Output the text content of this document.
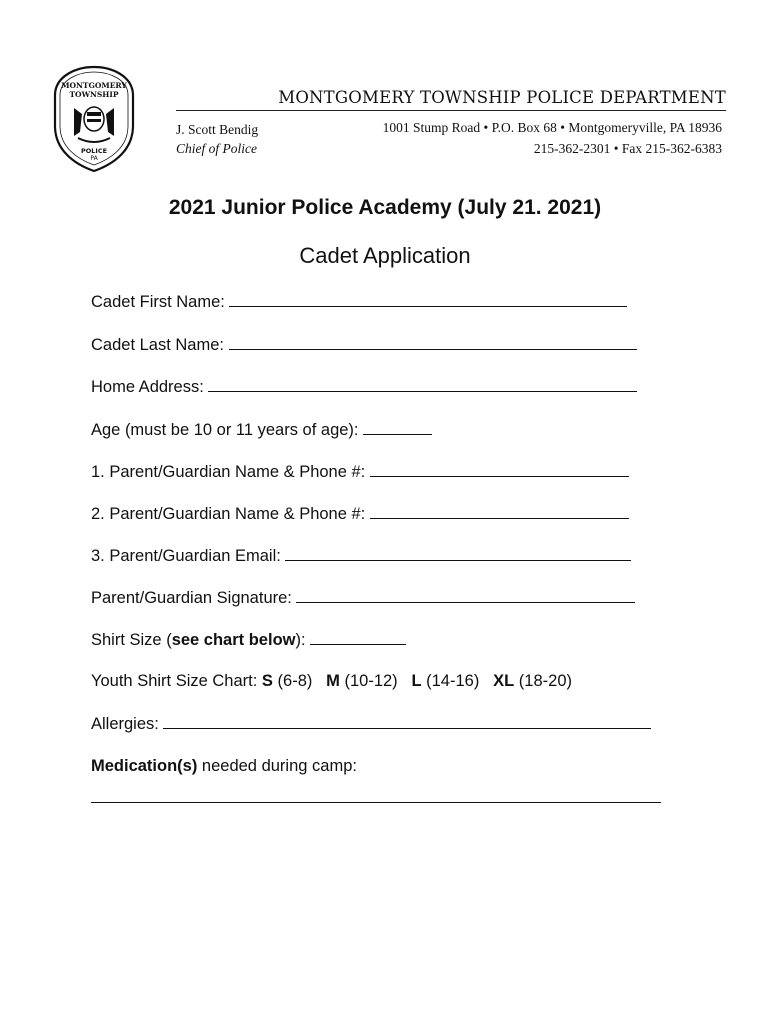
MONTGOMERY
TOWNSHIP
POLICE
PA
MONTGOMERY TOWNSHIP POLICE DEPARTMENT
J. Scott Bendig
Chief of Police
1001 Stump Road • P.O. Box 68 • Montgomeryville, PA 18936
215-362-2301 • Fax 215-362-6383
2021 Junior Police Academy (July 21. 2021)
Cadet Application
Cadet First Name:
Cadet Last Name:
Home Address:
Age (must be 10 or 11 years of age):
1. Parent/Guardian Name & Phone #:
2. Parent/Guardian Name & Phone #:
3. Parent/Guardian Email:
Parent/Guardian Signature:
Shirt Size (see chart below):
Youth Shirt Size Chart: S (6-8) M (10-12) L (14-16) XL (18-20)
Allergies:
Medication(s) needed during camp:
